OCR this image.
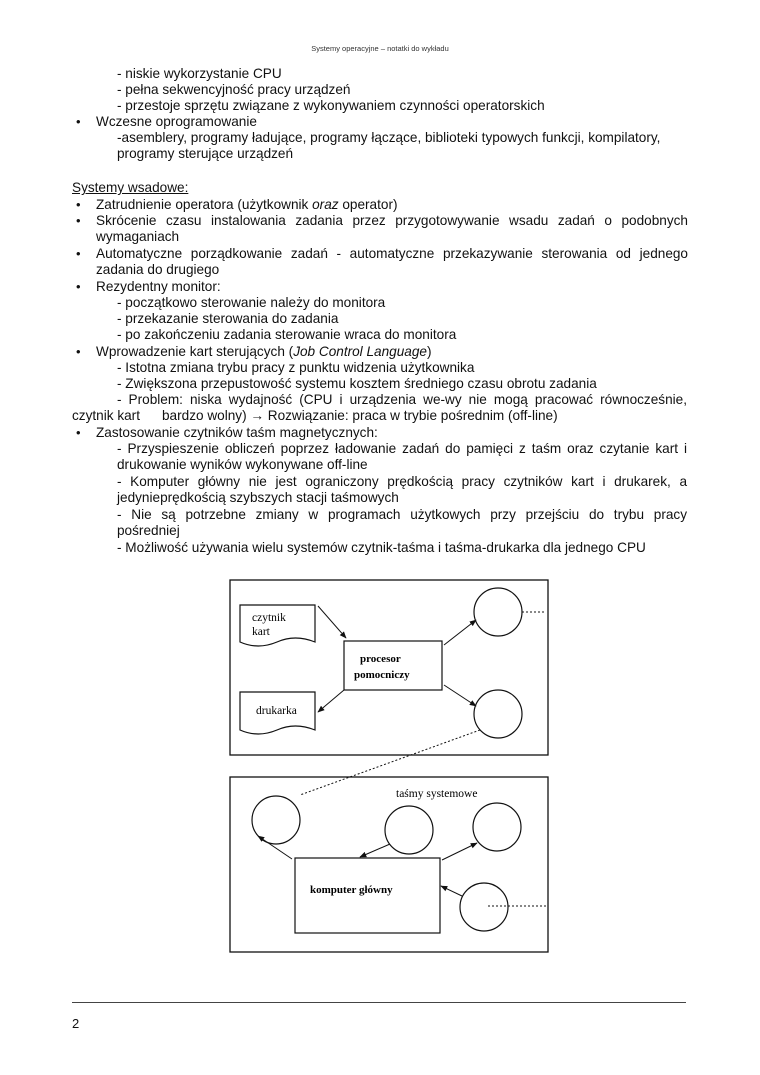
Systemy operacyjne – notatki do wykładu
- niskie wykorzystanie CPU
- pełna sekwencyjność pracy urządzeń
- przestoje sprzętu związane z wykonywaniem czynności operatorskich
• Wczesne oprogramowanie
-asemblery, programy ładujące, programy łączące, biblioteki typowych funkcji, kompilatory,
programy sterujące urządzeń
Systemy wsadowe:
• Zatrudnienie operatora (użytkownik oraz operator)
• Skrócenie czasu instalowania zadania przez przygotowywanie wsadu zadań o podobnych
wymaganiach
• Automatyczne porządkowanie zadań - automatyczne przekazywanie sterowania od jednego
zadania do drugiego
• Rezydentny monitor:
- początkowo sterowanie należy do monitora
- przekazanie sterowania do zadania
- po zakończeniu zadania sterowanie wraca do monitora
• Wprowadzenie kart sterujących (Job Control Language)
- Istotna zmiana trybu pracy z punktu widzenia użytkownika
- Zwiększona przepustowość systemu kosztem średniego czasu obrotu zadania
- Problem: niska wydajność (CPU i urządzenia we-wy nie mogą pracować równocześnie,
czytnik kart bardzo wolny) → Rozwiązanie: praca w trybie pośrednim (off-line)
• Zastosowanie czytników taśm magnetycznych:
- Przyspieszenie obliczeń poprzez ładowanie zadań do pamięci z taśm oraz czytanie kart i
drukowanie wyników wykonywane off-line
- Komputer główny nie jest ograniczony prędkością pracy czytników kart i drukarek, a
jedynieprędkością szybszych stacji taśmowych
- Nie są potrzebne zmiany w programach użytkowych przy przejściu do trybu pracy
pośredniej
- Możliwość używania wielu systemów czytnik-taśma i taśma-drukarka dla jednego CPU
czytnik
kart
drukarka
procesor
pomocniczy
taśmy systemowe
komputer główny
2
